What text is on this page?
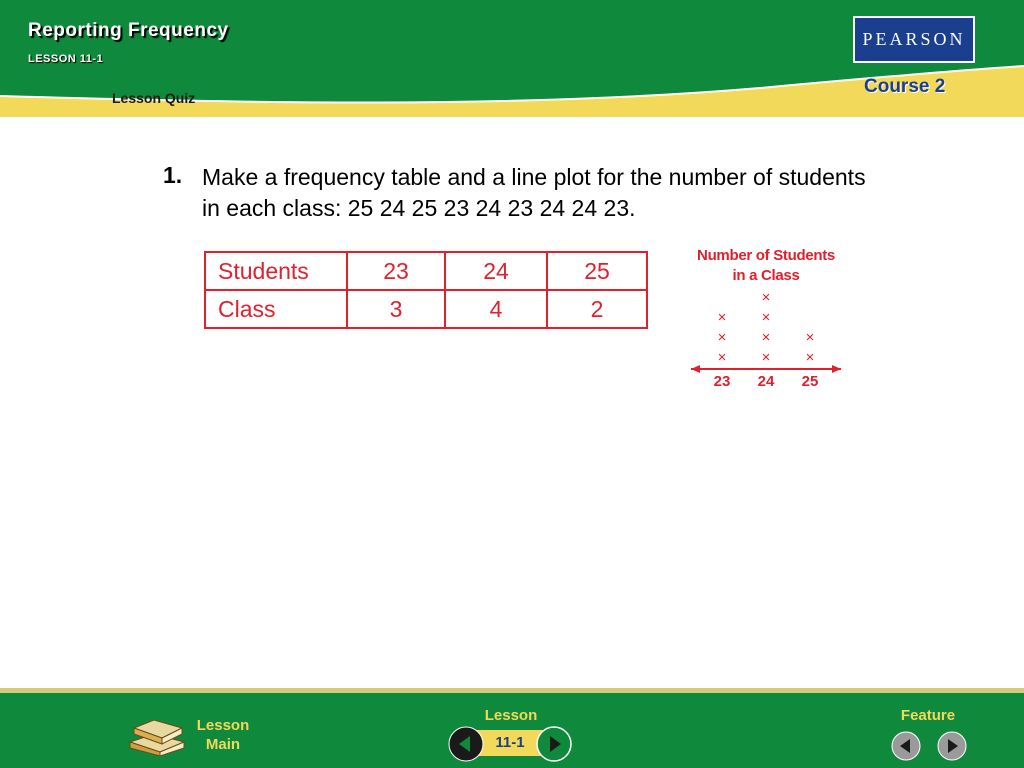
Reporting Frequency
LESSON 11-1
Lesson Quiz
PEARSON
Course 2
1. Make a frequency table and a line plot for the number of students in each class: 25 24 25 23 24 23 24 24 23.
Students	23	24	25
Class	3	4	2
Number of Students
in a Class
23
×
×
×
24
×
×
×
×
25
×
×
Lesson
Main
Lesson
11-1
Feature
